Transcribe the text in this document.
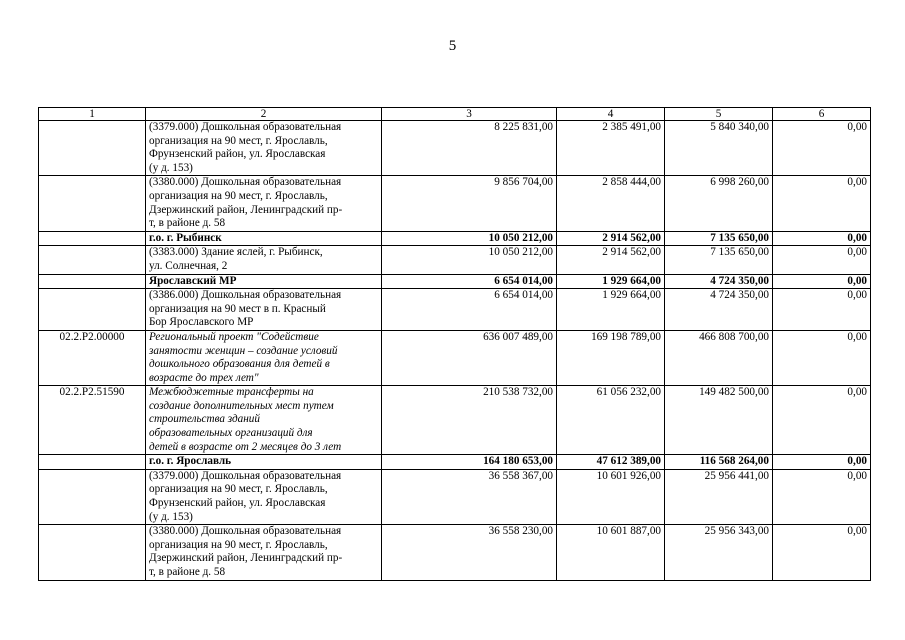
5
1	2	3	4	5	6

	(3379.000) Дошкольная образовательная
организация на 90 мест, г. Ярославль,
Фрунзенский район, ул. Ярославская
(у д. 153)	8 225 831,00	2 385 491,00	5 840 340,00	0,00

	(3380.000) Дошкольная образовательная
организация на 90 мест, г. Ярославль,
Дзержинский район, Ленинградский пр-
т, в районе д. 58	9 856 704,00	2 858 444,00	6 998 260,00	0,00

	г.о. г. Рыбинск	10 050 212,00	2 914 562,00	7 135 650,00	0,00

	(3383.000) Здание яслей, г. Рыбинск,
ул. Солнечная, 2	10 050 212,00	2 914 562,00	7 135 650,00	0,00

	Ярославский МР	6 654 014,00	1 929 664,00	4 724 350,00	0,00

	(3386.000) Дошкольная образовательная
организация на 90 мест в п. Красный
Бор Ярославского МР	6 654 014,00	1 929 664,00	4 724 350,00	0,00
02.2.P2.00000	Региональный проект "Содействие
занятости женщин – создание условий
дошкольного образования для детей в
возрасте до трех лет"	636 007 489,00	169 198 789,00	466 808 700,00	0,00
02.2.P2.51590	Межбюджетные трансферты на
создание дополнительных мест путем
строительства зданий
образовательных организаций для
детей в возрасте от 2 месяцев до 3 лет	210 538 732,00	61 056 232,00	149 482 500,00	0,00

	г.о. г. Ярославль	164 180 653,00	47 612 389,00	116 568 264,00	0,00

	(3379.000) Дошкольная образовательная
организация на 90 мест, г. Ярославль,
Фрунзенский район, ул. Ярославская
(у д. 153)	36 558 367,00	10 601 926,00	25 956 441,00	0,00

	(3380.000) Дошкольная образовательная
организация на 90 мест, г. Ярославль,
Дзержинский район, Ленинградский пр-
т, в районе д. 58	36 558 230,00	10 601 887,00	25 956 343,00	0,00
